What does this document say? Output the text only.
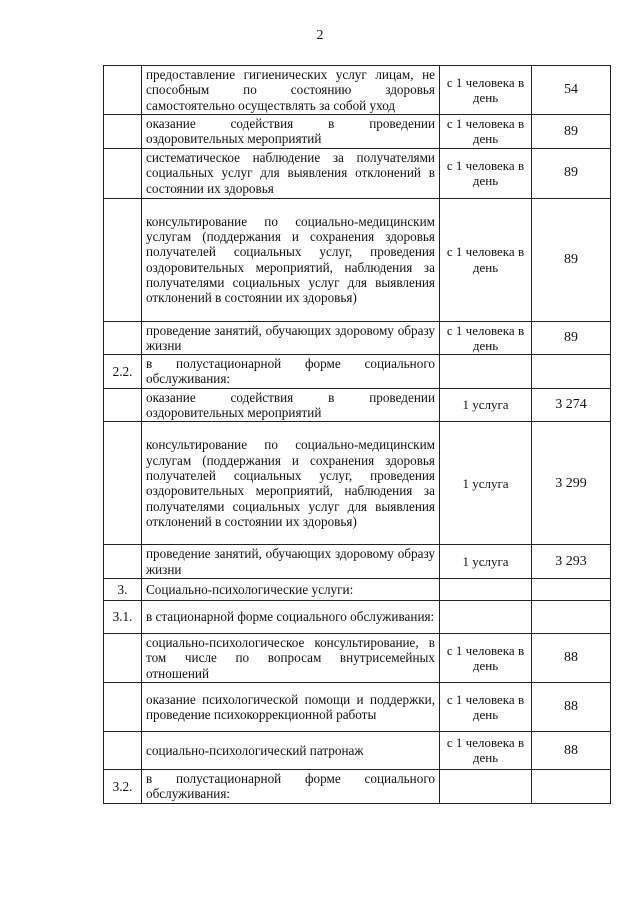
2
	предоставление гигиенических услуг лицам, не способным по состоянию здоровья самостоятельно осуществлять за собой уход	с 1 человека в день	54
	оказание содействия в проведении оздоровительных мероприятий	с 1 человека в день	89
	систематическое наблюдение за получателями социальных услуг для выявления отклонений в состоянии их здоровья	с 1 человека в день	89
	консультирование по социально-медицинским услугам (поддержания и сохранения здоровья получателей социальных услуг, проведения оздоровительных мероприятий, наблюдения за получателями социальных услуг для выявления отклонений в состоянии их здоровья)	с 1 человека в день	89
	проведение занятий, обучающих здоровому образу жизни	с 1 человека в день	89
2.2.	в полустационарной форме социального обслуживания:		
	оказание содействия в проведении оздоровительных мероприятий	1 услуга	3 274
	консультирование по социально-медицинским услугам (поддержания и сохранения здоровья получателей социальных услуг, проведения оздоровительных мероприятий, наблюдения за получателями социальных услуг для выявления отклонений в состоянии их здоровья)	1 услуга	3 299
	проведение занятий, обучающих здоровому образу жизни	1 услуга	3 293
3.	Социально-психологические услуги:		
3.1.	в стационарной форме социального обслуживания:		
	социально-психологическое консультирование, в том числе по вопросам внутрисемейных отношений	с 1 человека в день	88
	оказание психологической помощи и поддержки, проведение психокоррекционной работы	с 1 человека в день	88
	социально-психологический патронаж	с 1 человека в день	88
3.2.	в полустационарной форме социального обслуживания:		
